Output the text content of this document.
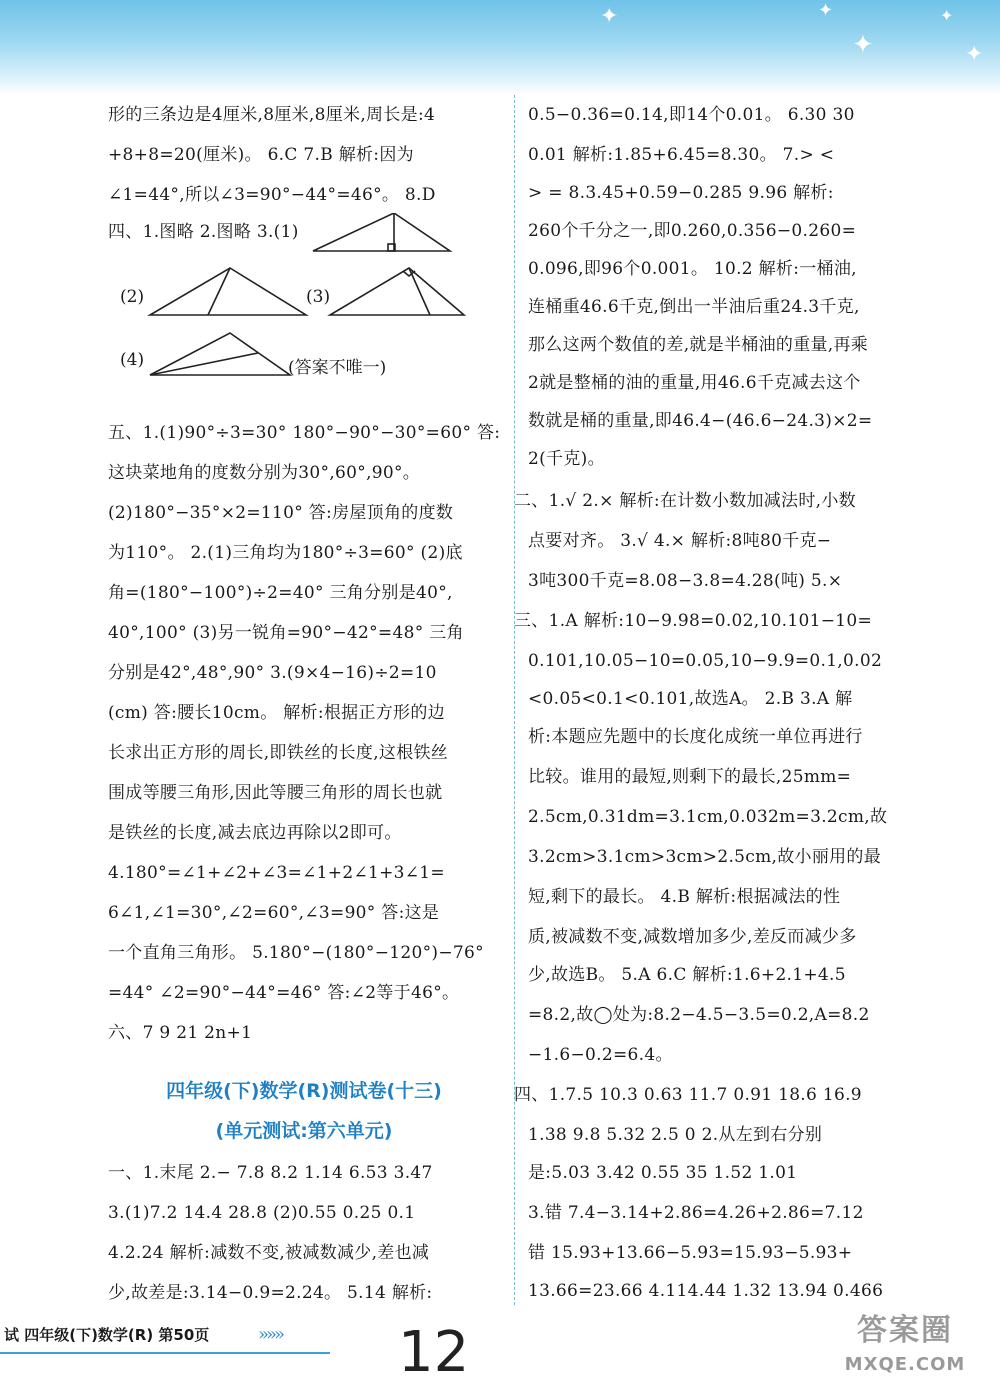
✦	✦
✦
✦
✦
形的三条边是4厘米,8厘米,8厘米,周长是:4
+8+8=20(厘米)。 6.C 7.B 解析:因为
∠1=44°,所以∠3=90°−44°=46°。 8.D
四、1.图略 2.图略 3.(1)
(2)	(3)
(4)	(答案不唯一)
五、1.(1)90°÷3=30° 180°−90°−30°=60° 答:
这块菜地角的度数分别为30°,60°,90°。
(2)180°−35°×2=110° 答:房屋顶角的度数
为110°。 2.(1)三角均为180°÷3=60° (2)底
角=(180°−100°)÷2=40° 三角分别是40°,
40°,100° (3)另一锐角=90°−42°=48° 三角
分别是42°,48°,90° 3.(9×4−16)÷2=10
(cm) 答:腰长10cm。 解析:根据正方形的边
长求出正方形的周长,即铁丝的长度,这根铁丝
围成等腰三角形,因此等腰三角形的周长也就
是铁丝的长度,减去底边再除以2即可。
4.180°=∠1+∠2+∠3=∠1+2∠1+3∠1=
6∠1,∠1=30°,∠2=60°,∠3=90° 答:这是
一个直角三角形。 5.180°−(180°−120°)−76°
=44° ∠2=90°−44°=46° 答:∠2等于46°。
六、7 9 21 2n+1
四年级(下)数学(R)测试卷(十三)
(单元测试:第六单元)
一、1.末尾 2.− 7.8 8.2 1.14 6.53 3.47
3.(1)7.2 14.4 28.8 (2)0.55 0.25 0.1
4.2.24 解析:减数不变,被减数减少,差也减
少,故差是:3.14−0.9=2.24。 5.14 解析:
0.5−0.36=0.14,即14个0.01。 6.30 30
0.01 解析:1.85+6.45=8.30。 7.> <
> = 8.3.45+0.59−0.285 9.96 解析:
260个千分之一,即0.260,0.356−0.260=
0.096,即96个0.001。 10.2 解析:一桶油,
连桶重46.6千克,倒出一半油后重24.3千克,
那么这两个数值的差,就是半桶油的重量,再乘
2就是整桶的油的重量,用46.6千克减去这个
数就是桶的重量,即46.4−(46.6−24.3)×2=
2(千克)。
二、1.√ 2.× 解析:在计数小数加减法时,小数
点要对齐。 3.√ 4.× 解析:8吨80千克−
3吨300千克=8.08−3.8=4.28(吨) 5.×
三、1.A 解析:10−9.98=0.02,10.101−10=
0.101,10.05−10=0.05,10−9.9=0.1,0.02
<0.05<0.1<0.101,故选A。 2.B 3.A 解
析:本题应先题中的长度化成统一单位再进行
比较。谁用的最短,则剩下的最长,25mm=
2.5cm,0.31dm=3.1cm,0.032m=3.2cm,故
3.2cm>3.1cm>3cm>2.5cm,故小丽用的最
短,剩下的最长。 4.B 解析:根据减法的性
质,被减数不变,减数增加多少,差反而减少多
少,故选B。 5.A 6.C 解析:1.6+2.1+4.5
=8.2,故◯处为:8.2−4.5−3.5=0.2,A=8.2
−1.6−0.2=6.4。
四、1.7.5 10.3 0.63 11.7 0.91 18.6 16.9
1.38 9.8 5.32 2.5 0 2.从左到右分别
是:5.03 3.42 0.55 35 1.52 1.01
3.错 7.4−3.14+2.86=4.26+2.86=7.12
错 15.93+13.66−5.93=15.93−5.93+
13.66=23.66 4.114.44 1.32 13.94 0.466
试 四年级(下)数学(R) 第50页	»»» 12	答案圈
MXQE.COM
